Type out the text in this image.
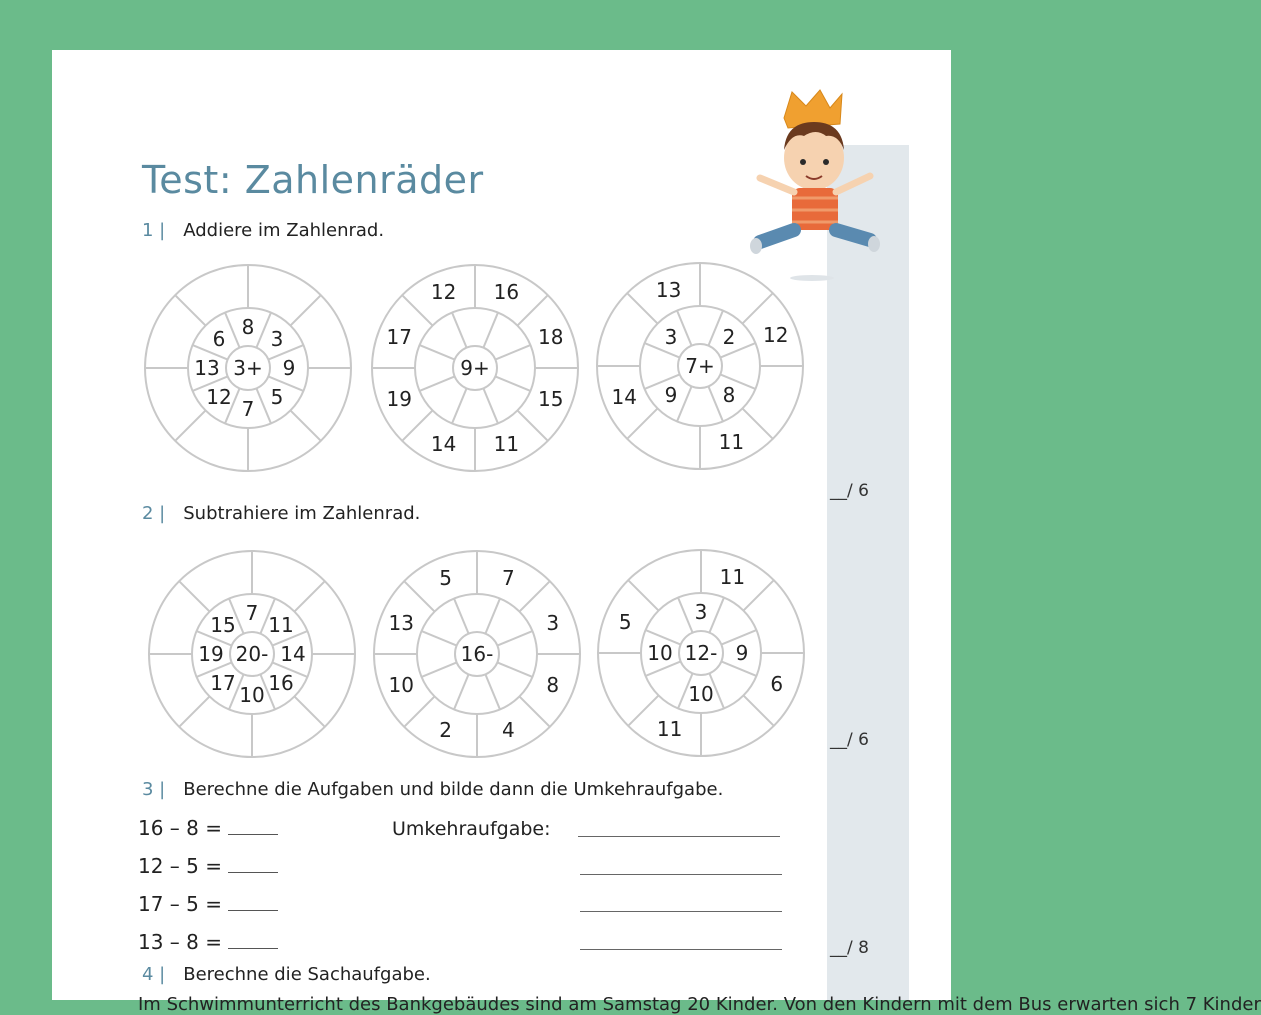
Test: Zahlenräder
1 | Addiere im Zahlenrad.
3+
3
9
5
7
12
13
6 8
9+
16
18
15
11
14
19
17
12
7+
2
8
9
3	12
11
14
13
__/ 6
2 | Subtrahiere im Zahlenrad.
20-
11
14
16
10
17
19
15 7
16-
7
3
8
4
2
10
13
5
12- 9
10
10
3
11
6
11
5
__/ 6
3 | Berechne die Aufgaben und bilde dann die Umkehraufgabe.
16 – 8 =
12 – 5 =
17 – 5 =
13 – 8 =
Umkehraufgabe:
__/ 8
4 | Berechne die Sachaufgabe.
Im Schwimmunterricht des Bankgebäudes sind am Samstag 20 Kinder. Von den Kindern mit dem Bus erwarten sich 7 Kinder
